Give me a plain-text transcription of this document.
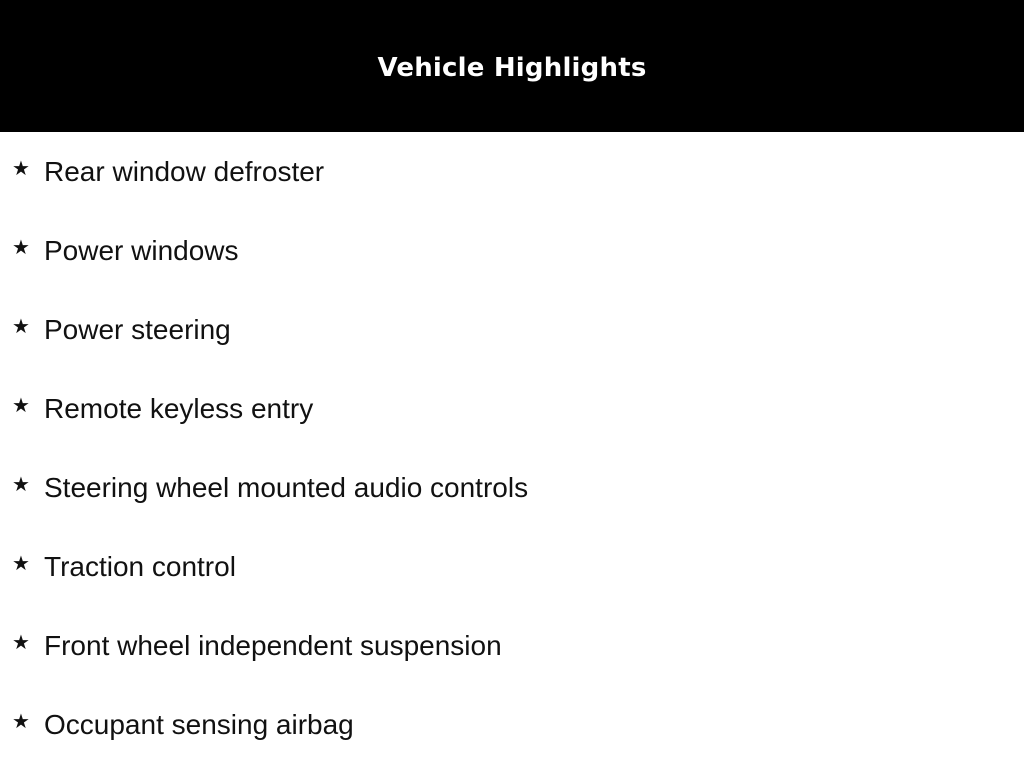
Vehicle Highlights
★ Rear window defroster
★ Power windows
★ Power steering
★ Remote keyless entry
★ Steering wheel mounted audio controls
★ Traction control
★ Front wheel independent suspension
★ Occupant sensing airbag
